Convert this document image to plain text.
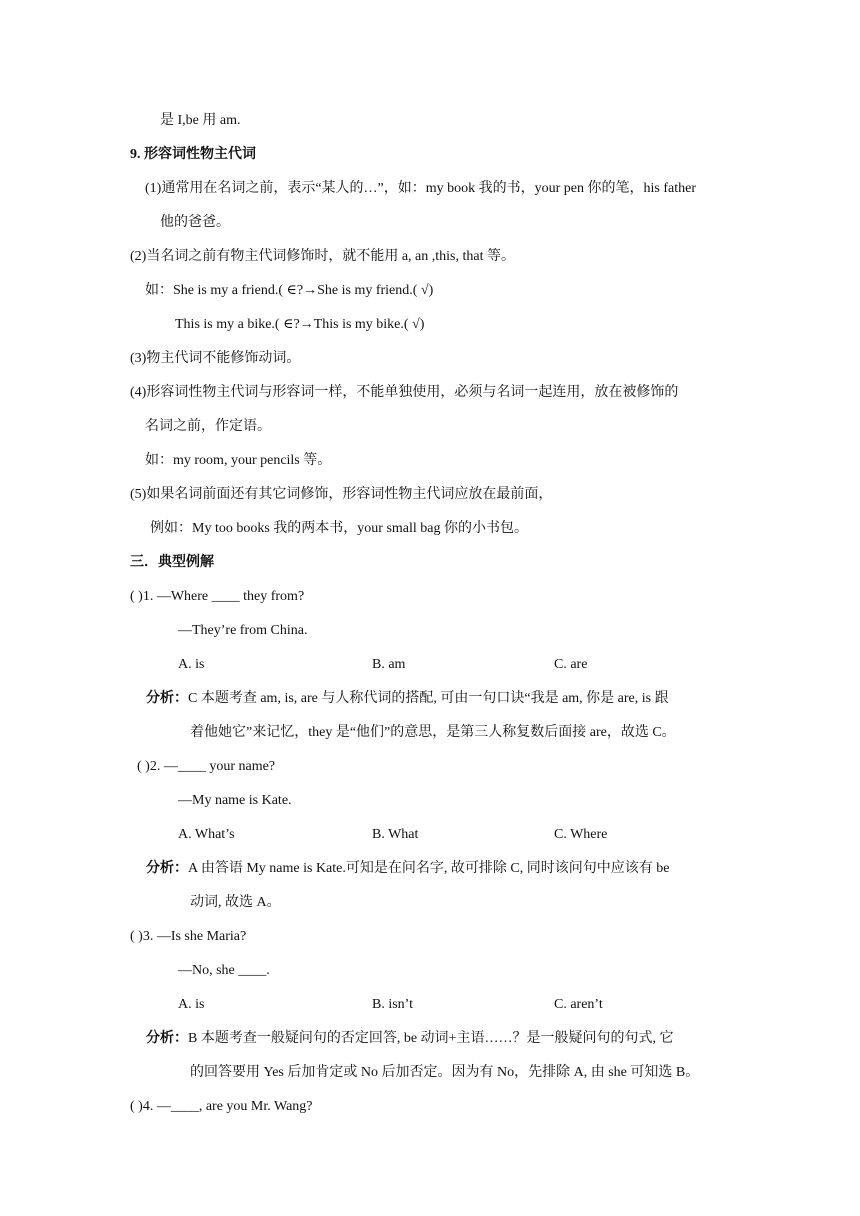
是 I,be 用 am.
9. 形容词性物主代词
(1)通常用在名词之前，表示“某人的…”，如：my book 我的书，your pen 你的笔，his father
他的爸爸。
(2)当名词之前有物主代词修饰时，就不能用 a, an ,this, that 等。
如：She is my a friend.( ∈?→She is my friend.( √)
This is my a bike.( ∈?→This is my bike.( √)
(3)物主代词不能修饰动词。
(4)形容词性物主代词与形容词一样，不能单独使用，必须与名词一起连用，放在被修饰的
名词之前，作定语。
如：my room, your pencils 等。
(5)如果名词前面还有其它词修饰，形容词性物主代词应放在最前面，
例如：My too books 我的两本书，your small bag 你的小书包。
三．典型例解
( )1. —Where ____ they from?
—They’re from China.
A. is	B. am	C. are
分析：C 本题考查 am, is, are 与人称代词的搭配, 可由一句口诀“我是 am, 你是 are, is 跟
着他她它”来记忆，they 是“他们”的意思，是第三人称复数后面接 are，故选 C。
( )2. —____ your name?
—My name is Kate.
A. What’s	B. What	C. Where
分析：A 由答语 My name is Kate.可知是在问名字, 故可排除 C, 同时该问句中应该有 be
动词, 故选 A。
( )3. —Is she Maria?
—No, she ____.
A. is	B. isn’t	C. aren’t
分析：B 本题考查一般疑问句的否定回答, be 动词+主语……？是一般疑问句的句式, 它
的回答要用 Yes 后加肯定或 No 后加否定。因为有 No，先排除 A, 由 she 可知选 B。
( )4. —____, are you Mr. Wang?
